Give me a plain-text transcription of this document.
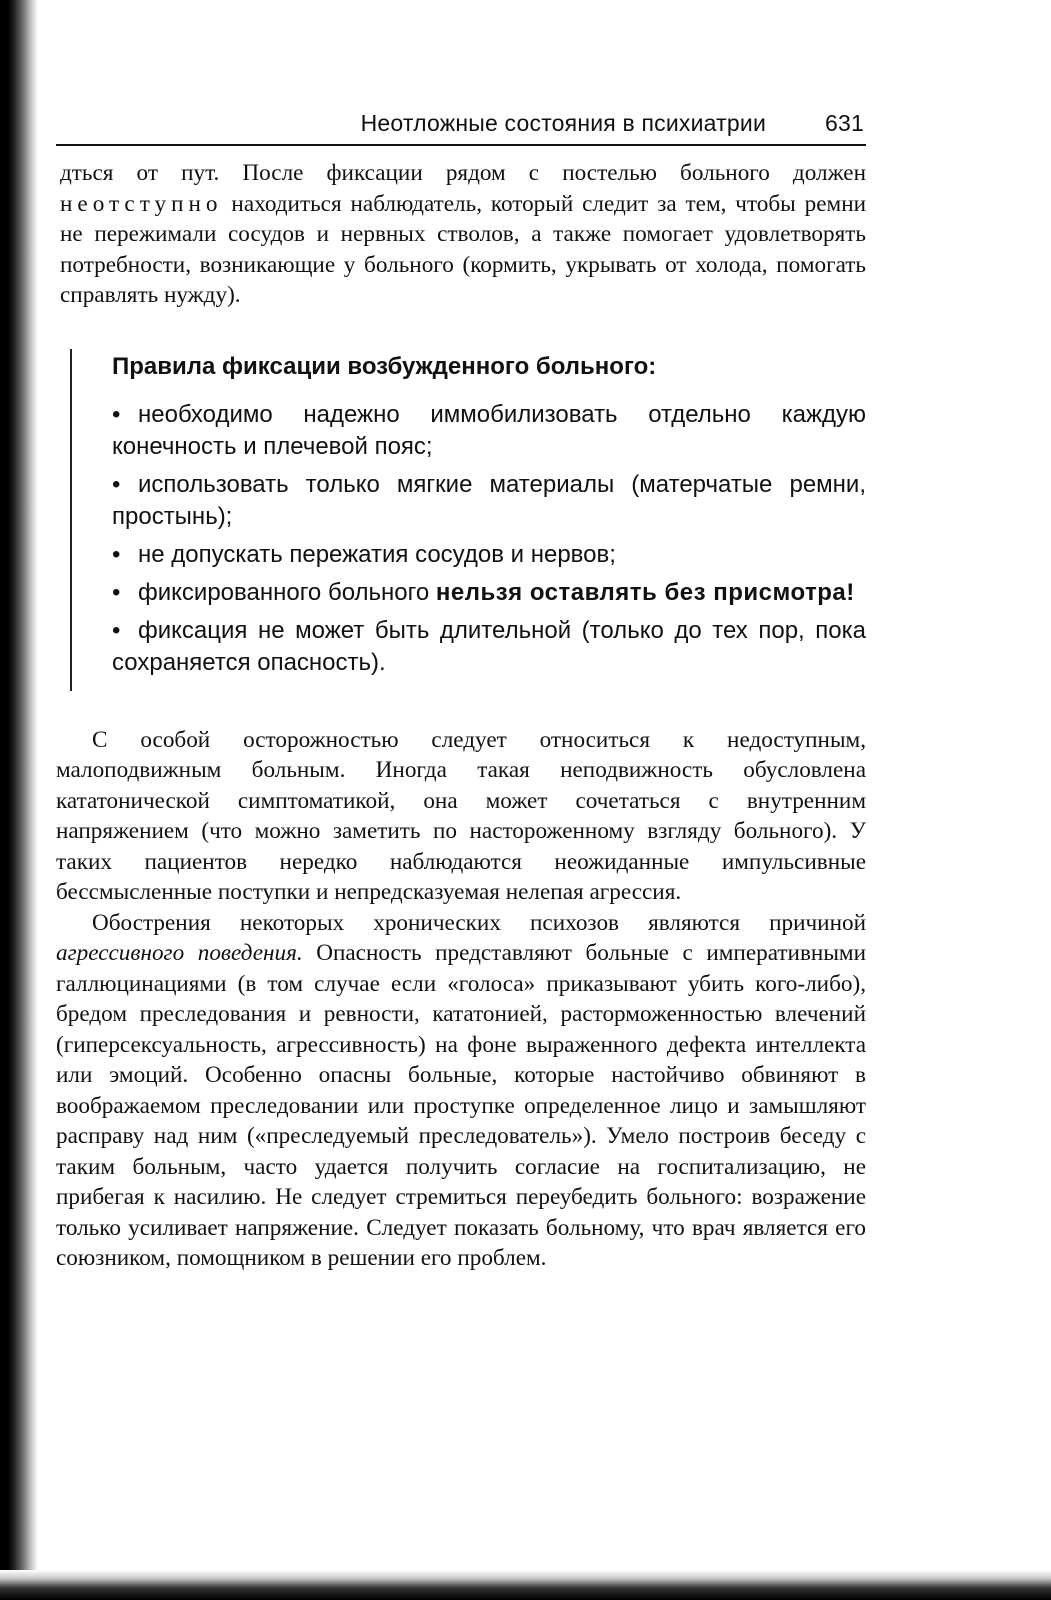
Неотложные состояния в психиатрии	631

дться от пут. После фиксации рядом с постелью больного должен неотступно находиться наблюдатель, который следит за тем, чтобы ремни не пережимали сосудов и нервных стволов, а также помогает удовлетворять потребности, возникающие у больного (кормить, укрывать от холода, помогать справлять нужду).

Правила фиксации возбужденного больного:

• необходимо надежно иммобилизовать отдельно каждую конечность и плечевой пояс;

• использовать только мягкие материалы (матерчатые ремни, простынь);

• не допускать пережатия сосудов и нервов;

• фиксированного больного нельзя оставлять без присмотра!

• фиксация не может быть длительной (только до тех пор, пока сохраняется опасность).

С особой осторожностью следует относиться к недоступным, малоподвижным больным. Иногда такая неподвижность обусловлена кататонической симптоматикой, она может сочетаться с внутренним напряжением (что можно заметить по настороженному взгляду больного). У таких пациентов нередко наблюдаются неожиданные импульсивные бессмысленные поступки и непредсказуемая нелепая агрессия.

Обострения некоторых хронических психозов являются причиной агрессивного поведения. Опасность представляют больные с императивными галлюцинациями (в том случае если «голоса» приказывают убить кого-либо), бредом преследования и ревности, кататонией, расторможенностью влечений (гиперсексуальность, агрессивность) на фоне выраженного дефекта интеллекта или эмоций. Особенно опасны больные, которые настойчиво обвиняют в воображаемом преследовании или проступке определенное лицо и замышляют расправу над ним («преследуемый преследователь»). Умело построив беседу с таким больным, часто удается получить согласие на госпитализацию, не прибегая к насилию. Не следует стремиться переубедить больного: возражение только усиливает напряжение. Следует показать больному, что врач является его союзником, помощником в решении его проблем.
